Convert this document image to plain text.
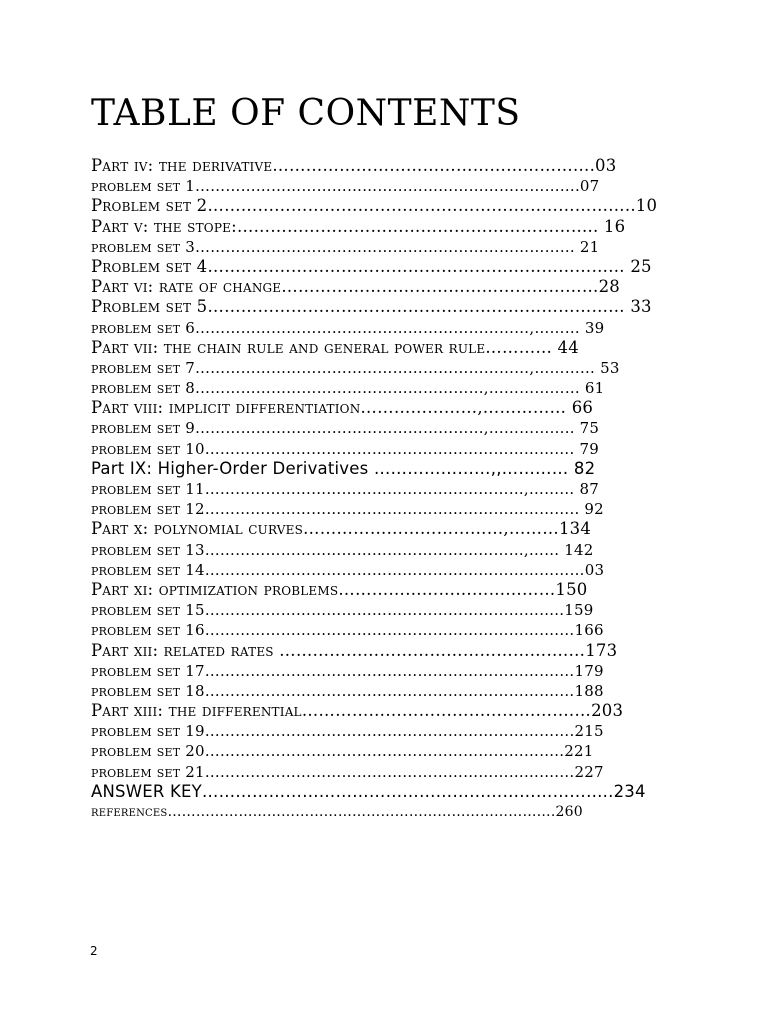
TABLE OF CONTENTS
Part iv: the derivative………………………………………………….03
problem set 1………………………………………………………………….07
Problem set 2…………………………………………………………………..10
Part v: the stope:……………………………………………………….. 16
problem set 3………………………………………………………………… 21
Problem set 4………………………………………………………………… 25
Part vi: rate of change…………………………………………………28
Problem set 5………………………………………………………………… 33
problem set 6…………………………………………………………,……… 39
Part vii: the chain rule and general power rule………… 44
problem set 7…………………………………………………………,………… 53
problem set 8…………………………………………………,……………… 61
Part viii: implicit differentiation…………………,…………… 66
problem set 9…………………………………………………,…………….. 75
problem set 10………………………………………………………………. 79
Part IX: Higher-Order Derivatives …………………,,………… 82
problem set 11………………………………………………………,……… 87
problem set 12……………………………………………………………….. 92
Part x: polynomial curves………………………………,………134
problem set 13………………………………………………………,…… 142
problem set 14…………………………………………………………………03
Part xi: optimization problems…………………………………150
problem set 15……………………………………………………………..159
problem set 16…………………………………………………………….…166
Part xii: related rates …………………………………………….…173
problem set 17…………………………………………………………….…179
problem set 18…………………………………………………………….…188
Part xiii: the differential………………………………………….…203
problem set 19……………………………………………………………….215
problem set 20……………………………………………………………..221
problem set 21…………………………………………………………….…227
ANSWER KEY………………………………………………………………..234
references……………………………………………………………………….260
2
